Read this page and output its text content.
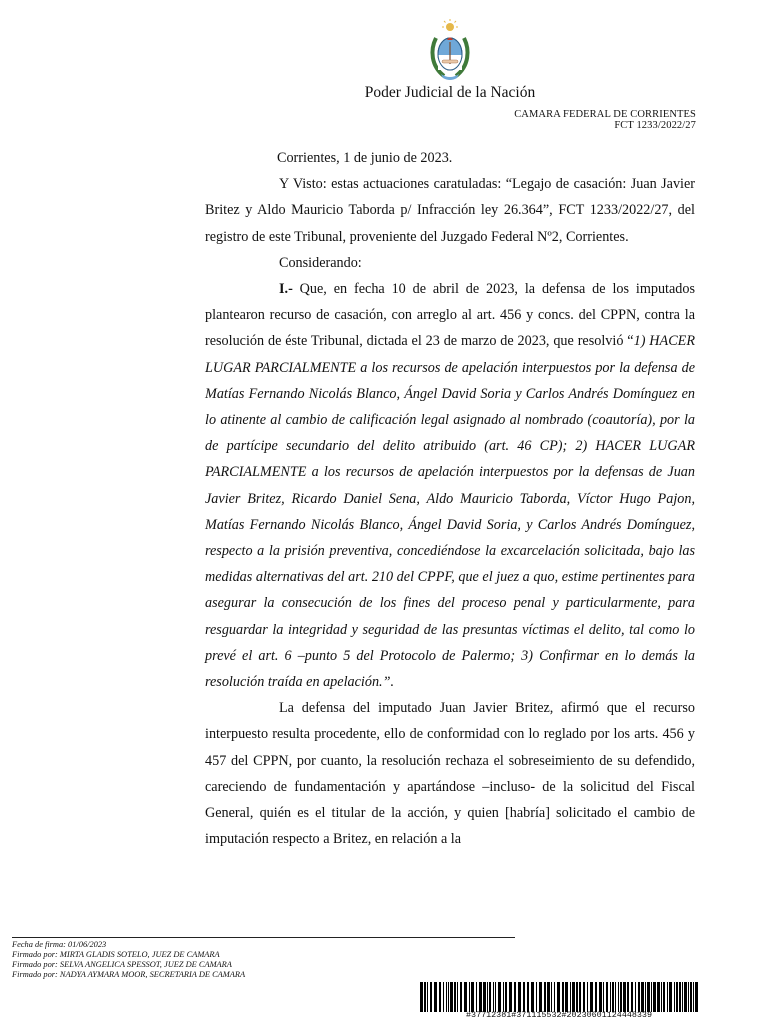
Poder Judicial de la Nación
CAMARA FEDERAL DE CORRIENTES
FCT 1233/2022/27

Corrientes, 1 de junio de 2023.

Y Visto: estas actuaciones caratuladas: “Legajo de casación: Juan Javier Britez y Aldo Mauricio Taborda p/ Infracción ley 26.364”, FCT 1233/2022/27, del registro de este Tribunal, proveniente del Juzgado Federal Nº2, Corrientes.

Considerando:

I.- Que, en fecha 10 de abril de 2023, la defensa de los imputados plantearon recurso de casación, con arreglo al art. 456 y concs. del CPPN, contra la resolución de éste Tribunal, dictada el 23 de marzo de 2023, que resolvió “1) HACER LUGAR PARCIALMENTE a los recursos de apelación interpuestos por la defensa de Matías Fernando Nicolás Blanco, Ángel David Soria y Carlos Andrés Domínguez en lo atinente al cambio de calificación legal asignado al nombrado (coautoría), por la de partícipe secundario del delito atribuido (art. 46 CP); 2) HACER LUGAR PARCIALMENTE a los recursos de apelación interpuestos por la defensas de Juan Javier Britez, Ricardo Daniel Sena, Aldo Mauricio Taborda, Víctor Hugo Pajon, Matías Fernando Nicolás Blanco, Ángel David Soria, y Carlos Andrés Domínguez, respecto a la prisión preventiva, concediéndose la excarcelación solicitada, bajo las medidas alternativas del art. 210 del CPPF, que el juez a quo, estime pertinentes para asegurar la consecución de los fines del proceso penal y particularmente, para resguardar la integridad y seguridad de las presuntas víctimas el delito, tal como lo prevé el art. 6 –punto 5 del Protocolo de Palermo; 3) Confirmar en lo demás la resolución traída en apelación.”.

La defensa del imputado Juan Javier Britez, afirmó que el recurso interpuesto resulta procedente, ello de conformidad con lo reglado por los arts. 456 y 457 del CPPN, por cuanto, la resolución rechaza el sobreseimiento de su defendido, careciendo de fundamentación y apartándose –incluso- de la solicitud del Fiscal General, quién es el titular de la acción, y quien [habría] solicitado el cambio de imputación respecto a Britez, en relación a la

Fecha de firma: 01/06/2023
Firmado por: MIRTA GLADIS SOTELO, JUEZ DE CAMARA
Firmado por: SELVA ANGELICA SPESSOT, JUEZ DE CAMARA
Firmado por: NADYA AYMARA MOOR, SECRETARIA DE CAMARA
#37712381#371115532#20230601124448339
